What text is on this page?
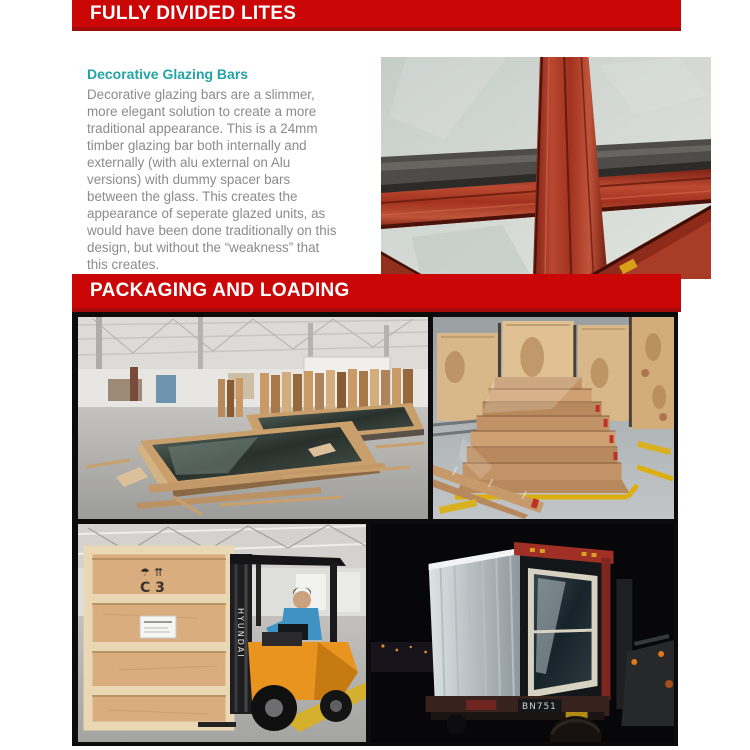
FULLY DIVIDED LITES
Decorative Glazing Bars

Decorative glazing bars are a slimmer, more elegant solution to create a more traditional appearance. This is a 24mm timber glazing bar both internally and externally (with alu external on Alu versions) with dummy spacer bars between the glass. This creates the appearance of seperate glazed units, as would have been done traditionally on this design, but without the “weakness” that this creates.

PACKAGING AND LOADING
☂ ⇈
C 3
HYUNDAI
BN751
